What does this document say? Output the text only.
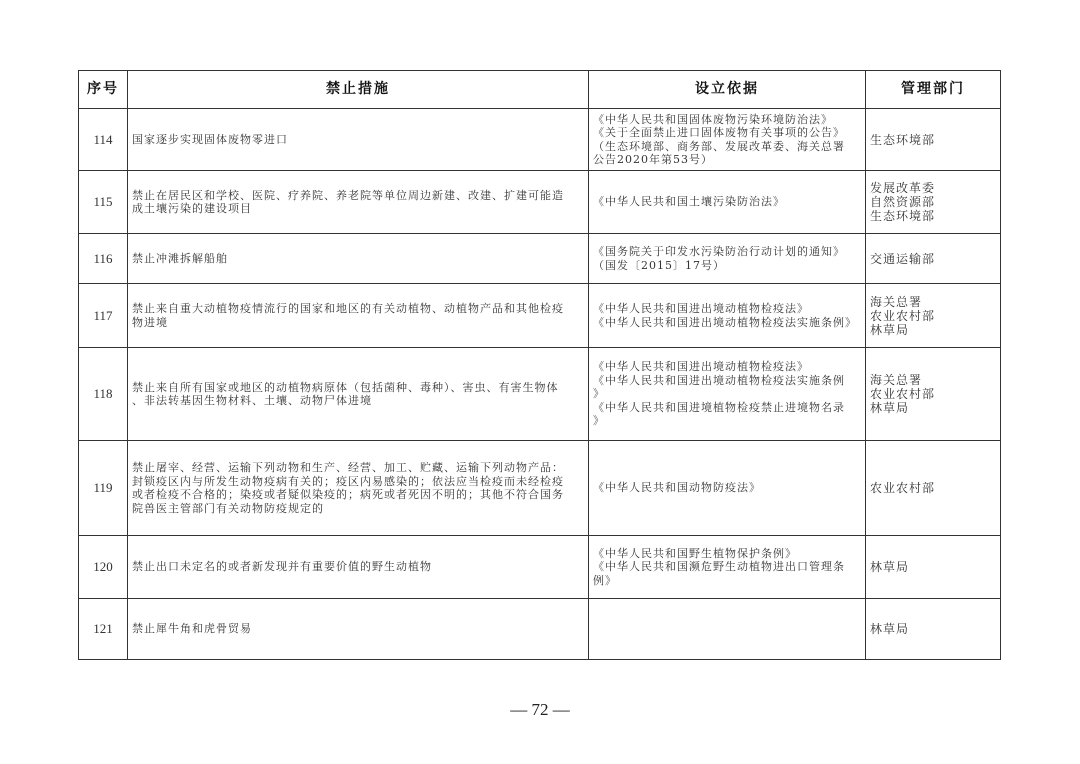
序号	禁止措施	设立依据	管理部门
114	国家逐步实现固体废物零进口	《中华人民共和国固体废物污染环境防治法》
《关于全面禁止进口固体废物有关事项的公告》
（生态环境部、商务部、发展改革委、海关总署
公告2020年第53号）	生态环境部

115	禁止在居民区和学校、医院、疗养院、养老院等单位周边新建、改建、扩建可能造
成土壤污染的建设项目	《中华人民共和国土壤污染防治法》	发展改革委
自然资源部
生态环境部

116	禁止冲滩拆解船舶	《国务院关于印发水污染防治行动计划的通知》
（国发〔2015〕17号）	交通运输部

117	禁止来自重大动植物疫情流行的国家和地区的有关动植物、动植物产品和其他检疫
物进境	《中华人民共和国进出境动植物检疫法》
《中华人民共和国进出境动植物检疫法实施条例》	海关总署
农业农村部
林草局

118	禁止来自所有国家或地区的动植物病原体（包括菌种、毒种）、害虫、有害生物体
、非法转基因生物材料、土壤、动物尸体进境	《中华人民共和国进出境动植物检疫法》
《中华人民共和国进出境动植物检疫法实施条例
》
《中华人民共和国进境植物检疫禁止进境物名录
》	海关总署
农业农村部
林草局

119	禁止屠宰、经营、运输下列动物和生产、经营、加工、贮藏、运输下列动物产品：
封锁疫区内与所发生动物疫病有关的；疫区内易感染的；依法应当检疫而未经检疫
或者检疫不合格的；染疫或者疑似染疫的；病死或者死因不明的；其他不符合国务
院兽医主管部门有关动物防疫规定的	《中华人民共和国动物防疫法》	农业农村部

120	禁止出口未定名的或者新发现并有重要价值的野生动植物	《中华人民共和国野生植物保护条例》
《中华人民共和国濒危野生动植物进出口管理条
例》	林草局

121	禁止犀牛角和虎骨贸易		林草局
— 72 —
